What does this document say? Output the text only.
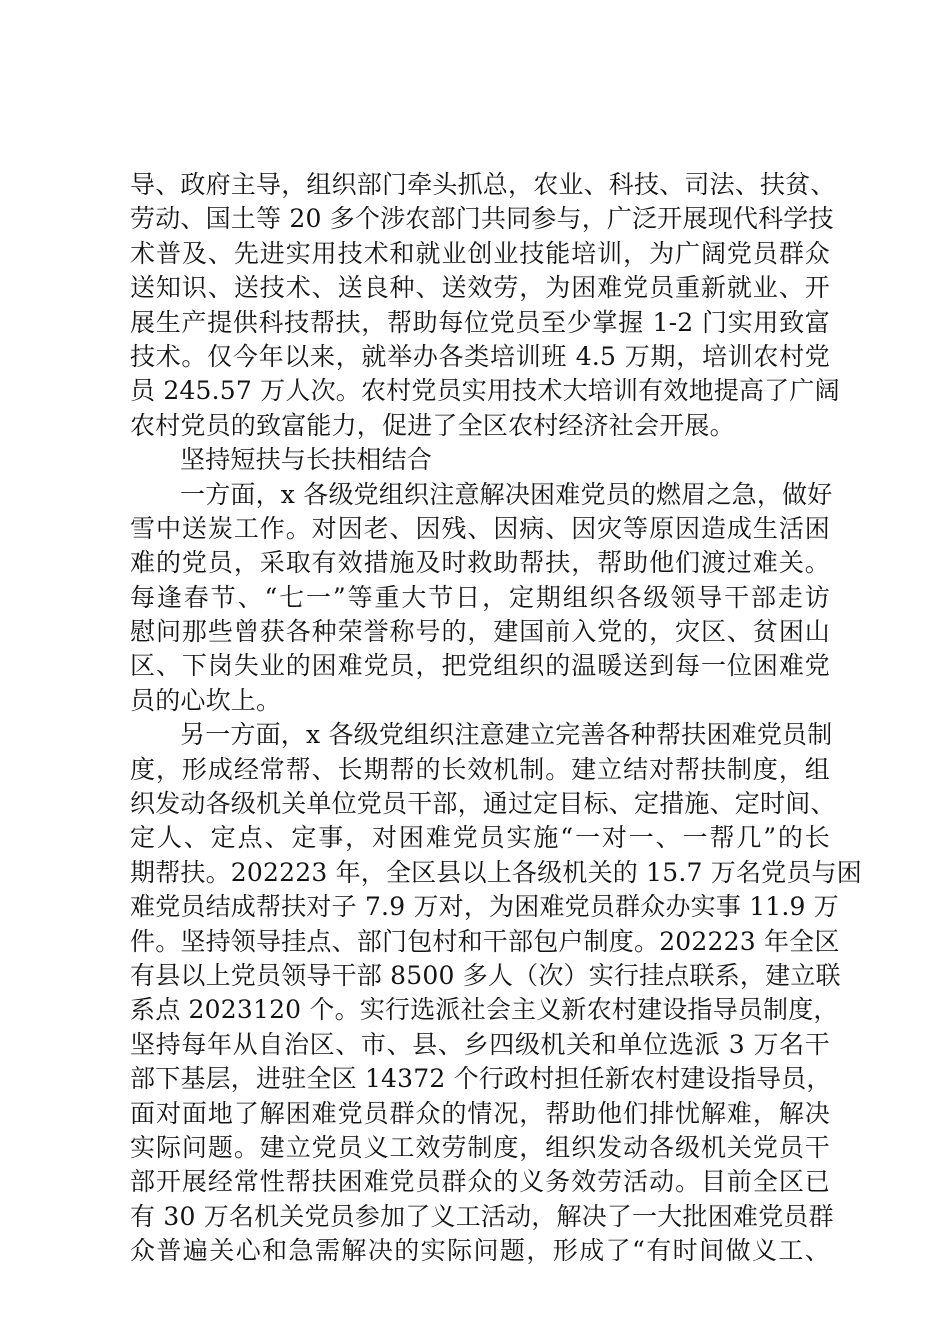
导、政府主导，组织部门牵头抓总，农业、科技、司法、扶贫、
劳动、国土等 20 多个涉农部门共同参与，广泛开展现代科学技
术普及、先进实用技术和就业创业技能培训，为广阔党员群众
送知识、送技术、送良种、送效劳，为困难党员重新就业、开
展生产提供科技帮扶，帮助每位党员至少掌握 1-2 门实用致富
技术。仅今年以来，就举办各类培训班 4.5 万期，培训农村党
员 245.57 万人次。农村党员实用技术大培训有效地提高了广阔
农村党员的致富能力，促进了全区农村经济社会开展。
坚持短扶与长扶相结合
一方面，x 各级党组织注意解决困难党员的燃眉之急，做好
雪中送炭工作。对因老、因残、因病、因灾等原因造成生活困
难的党员，采取有效措施及时救助帮扶，帮助他们渡过难关。
每逢春节、“七一”等重大节日，定期组织各级领导干部走访
慰问那些曾获各种荣誉称号的，建国前入党的，灾区、贫困山
区、下岗失业的困难党员，把党组织的温暖送到每一位困难党
员的心坎上。
另一方面，x 各级党组织注意建立完善各种帮扶困难党员制
度，形成经常帮、长期帮的长效机制。建立结对帮扶制度，组
织发动各级机关单位党员干部，通过定目标、定措施、定时间、
定人、定点、定事，对困难党员实施“一对一、一帮几”的长
期帮扶。202223 年，全区县以上各级机关的 15.7 万名党员与困
难党员结成帮扶对子 7.9 万对，为困难党员群众办实事 11.9 万
件。坚持领导挂点、部门包村和干部包户制度。202223 年全区
有县以上党员领导干部 8500 多人（次）实行挂点联系，建立联
系点 2023120 个。实行选派社会主义新农村建设指导员制度，
坚持每年从自治区、市、县、乡四级机关和单位选派 3 万名干
部下基层，进驻全区 14372 个行政村担任新农村建设指导员，
面对面地了解困难党员群众的情况，帮助他们排忧解难，解决
实际问题。建立党员义工效劳制度，组织发动各级机关党员干
部开展经常性帮扶困难党员群众的义务效劳活动。目前全区已
有 30 万名机关党员参加了义工活动，解决了一大批困难党员群
众普遍关心和急需解决的实际问题，形成了“有时间做义工、
